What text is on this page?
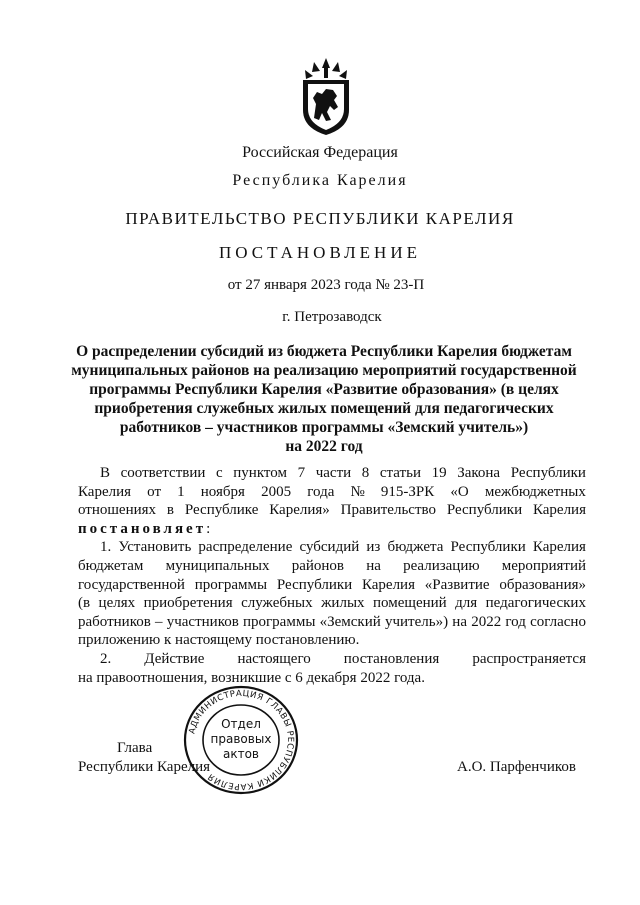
Российская Федерация
Республика Карелия
ПРАВИТЕЛЬСТВО РЕСПУБЛИКИ КАРЕЛИЯ
ПОСТАНОВЛЕНИЕ
от 27 января 2023 года № 23-П
г. Петрозаводск
О распределении субсидий из бюджета Республики Карелия бюджетам
муниципальных районов на реализацию мероприятий государственной
программы Республики Карелия «Развитие образования» (в целях
приобретения служебных жилых помещений для педагогических
работников – участников программы «Земский учитель»)
на 2022 год
В соответствии с пунктом 7 части 8 статьи 19 Закона Республики
Карелия от 1 ноября 2005 года № 915-ЗРК «О межбюджетных
отношениях в Республике Карелия» Правительство Республики Карелия
постановляет :
1. Установить распределение субсидий из бюджета Республики Карелия
бюджетам муниципальных районов на реализацию мероприятий
государственной программы Республики Карелия «Развитие образования»
(в целях приобретения служебных жилых помещений для педагогических
работников – участников программы «Земский учитель») на 2022 год согласно
приложению к настоящему постановлению.
2. Действие настоящего постановления распространяется
на правоотношения, возникшие с 6 декабря 2022 года.
Глава
Республики Карелия	А.О. Парфенчиков
АДМИНИСТРАЦИЯ ГЛАВЫ РЕСПУБЛИКИ КАРЕЛИЯ
Отдел
правовых
актов
